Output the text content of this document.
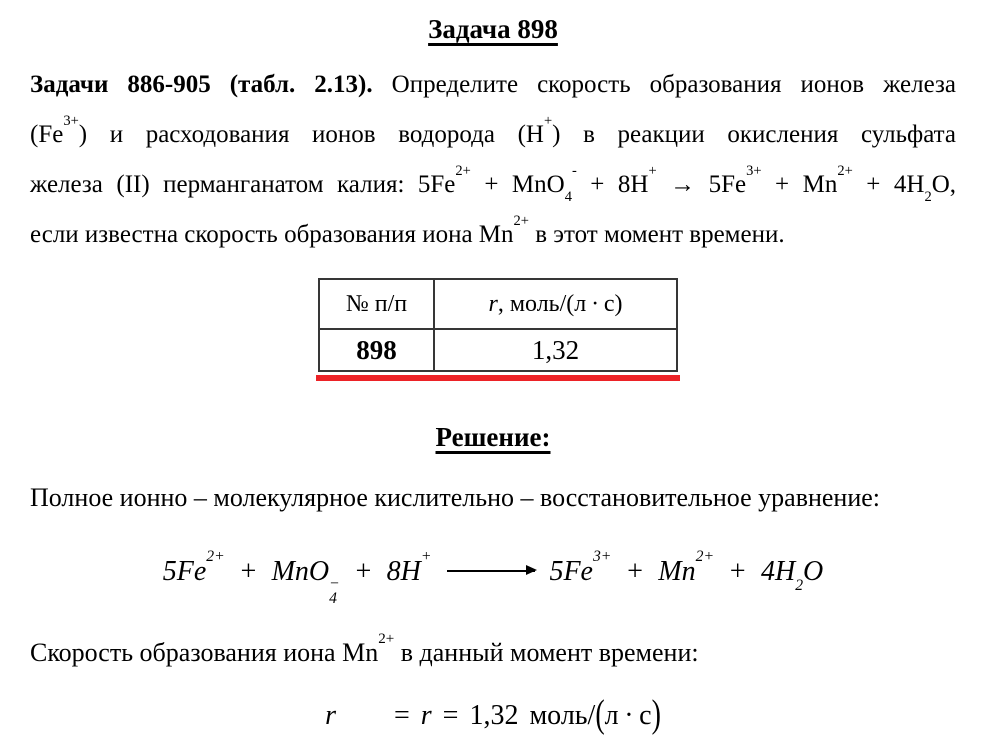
Задача 898
Задачи 886-905 (табл. 2.13). Определите скорость образования ионов железа
$(Fe^{3+})$ и расходования ионов водорода (H+) в реакции окисления сульфата
железа (II) перманганатом калия: $5Fe^{2+} + MnO_4^- + 8H^+ \to 5Fe^{3+} + Mn^{2+} + 4H_2O$,
если известна скорость образования иона $Mn^{2+}$ в этот момент времени.
№ п/п	r, моль/(л · с)
898	1,32
Решение:
Полное ионно – молекулярное кислительно – восстановительное уравнение:
$5Fe^{2+}$ + MnO −
4
+ $8H^+ \to 5Fe^{3+} + Mn^{2+} + 4H_2O$
Скорость образования иона $Mn^{2+}$ в данный момент времени:
r = r = 1,32 моль/(л · с)
